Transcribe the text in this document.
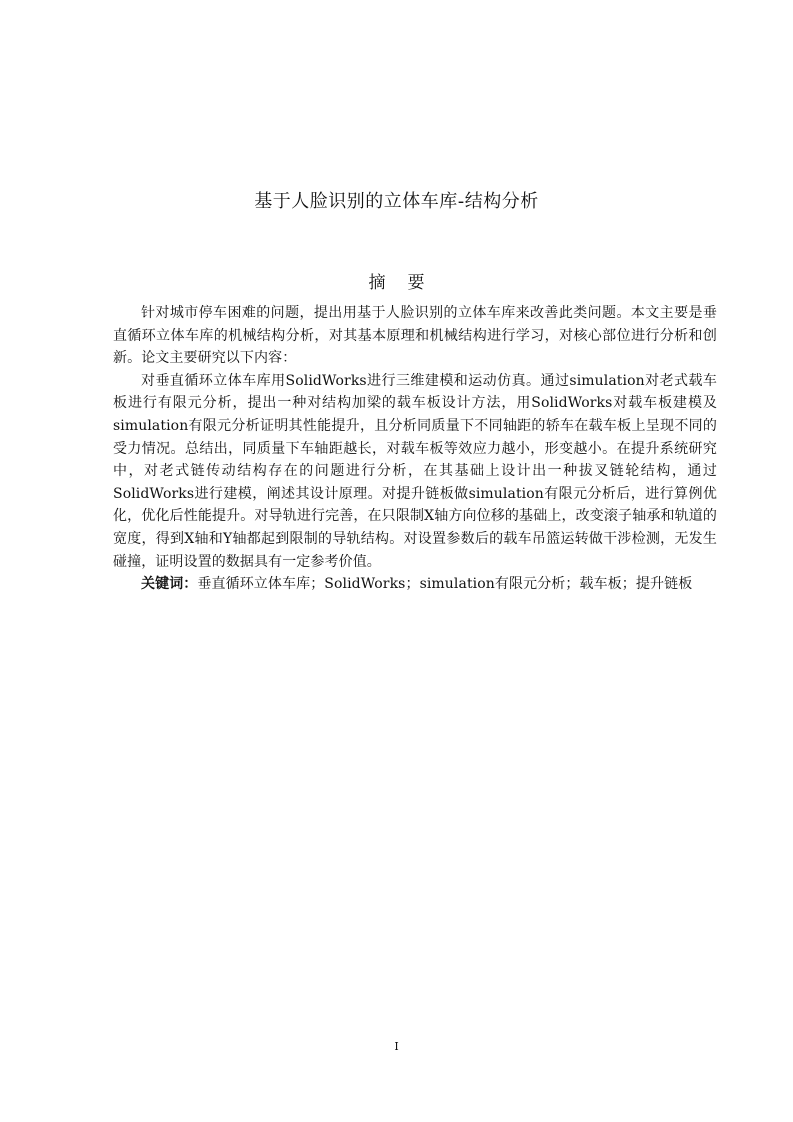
基于人脸识别的立体车库-结构分析
摘 要

针对城市停车困难的问题，提出用基于人脸识别的立体车库来改善此类问题。本文主要是垂直循环立体车库的机械结构分析，对其基本原理和机械结构进行学习，对核心部位进行分析和创新。论文主要研究以下内容：

对垂直循环立体车库用SolidWorks进行三维建模和运动仿真。通过simulation对老式载车板进行有限元分析，提出一种对结构加梁的载车板设计方法，用SolidWorks对载车板建模及simulation有限元分析证明其性能提升，且分析同质量下不同轴距的轿车在载车板上呈现不同的受力情况。总结出，同质量下车轴距越长，对载车板等效应力越小，形变越小。在提升系统研究中，对老式链传动结构存在的问题进行分析，在其基础上设计出一种拔叉链轮结构，通过SolidWorks进行建模，阐述其设计原理。对提升链板做simulation有限元分析后，进行算例优化，优化后性能提升。对导轨进行完善，在只限制X轴方向位移的基础上，改变滚子轴承和轨道的宽度，得到X轴和Y轴都起到限制的导轨结构。对设置参数后的载车吊篮运转做干涉检测，无发生碰撞，证明设置的数据具有一定参考价值。

关键词：垂直循环立体车库；SolidWorks；simulation有限元分析；载车板；提升链板

I
